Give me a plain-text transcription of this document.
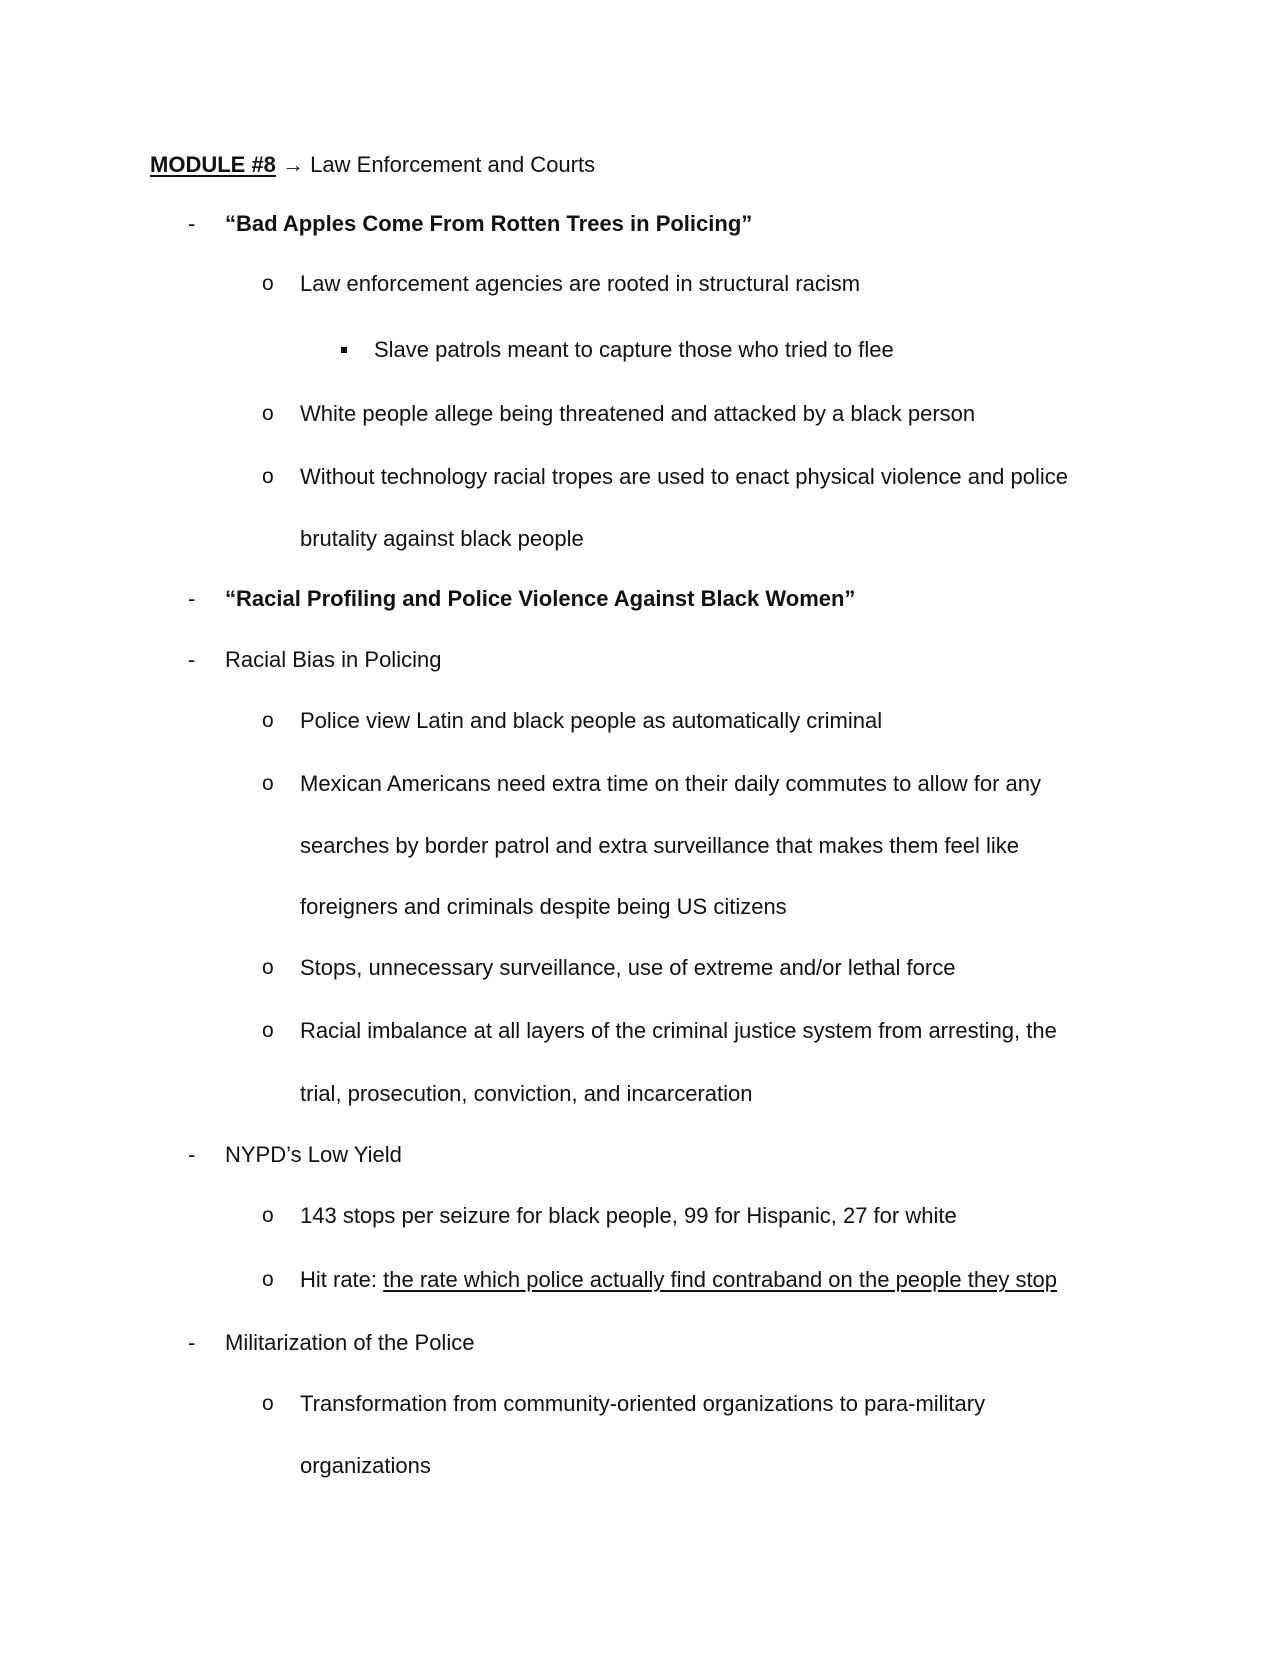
MODULE #8 → Law Enforcement and Courts
- “Bad Apples Come From Rotten Trees in Policing”
o Law enforcement agencies are rooted in structural racism
Slave patrols meant to capture those who tried to flee
o White people allege being threatened and attacked by a black person
o Without technology racial tropes are used to enact physical violence and police
brutality against black people
- “Racial Profiling and Police Violence Against Black Women”
- Racial Bias in Policing
o Police view Latin and black people as automatically criminal
o Mexican Americans need extra time on their daily commutes to allow for any
searches by border patrol and extra surveillance that makes them feel like
foreigners and criminals despite being US citizens
o Stops, unnecessary surveillance, use of extreme and/or lethal force
o Racial imbalance at all layers of the criminal justice system from arresting, the
trial, prosecution, conviction, and incarceration
- NYPD’s Low Yield
o 143 stops per seizure for black people, 99 for Hispanic, 27 for white
o Hit rate: the rate which police actually find contraband on the people they stop
- Militarization of the Police
o Transformation from community-oriented organizations to para-military
organizations
